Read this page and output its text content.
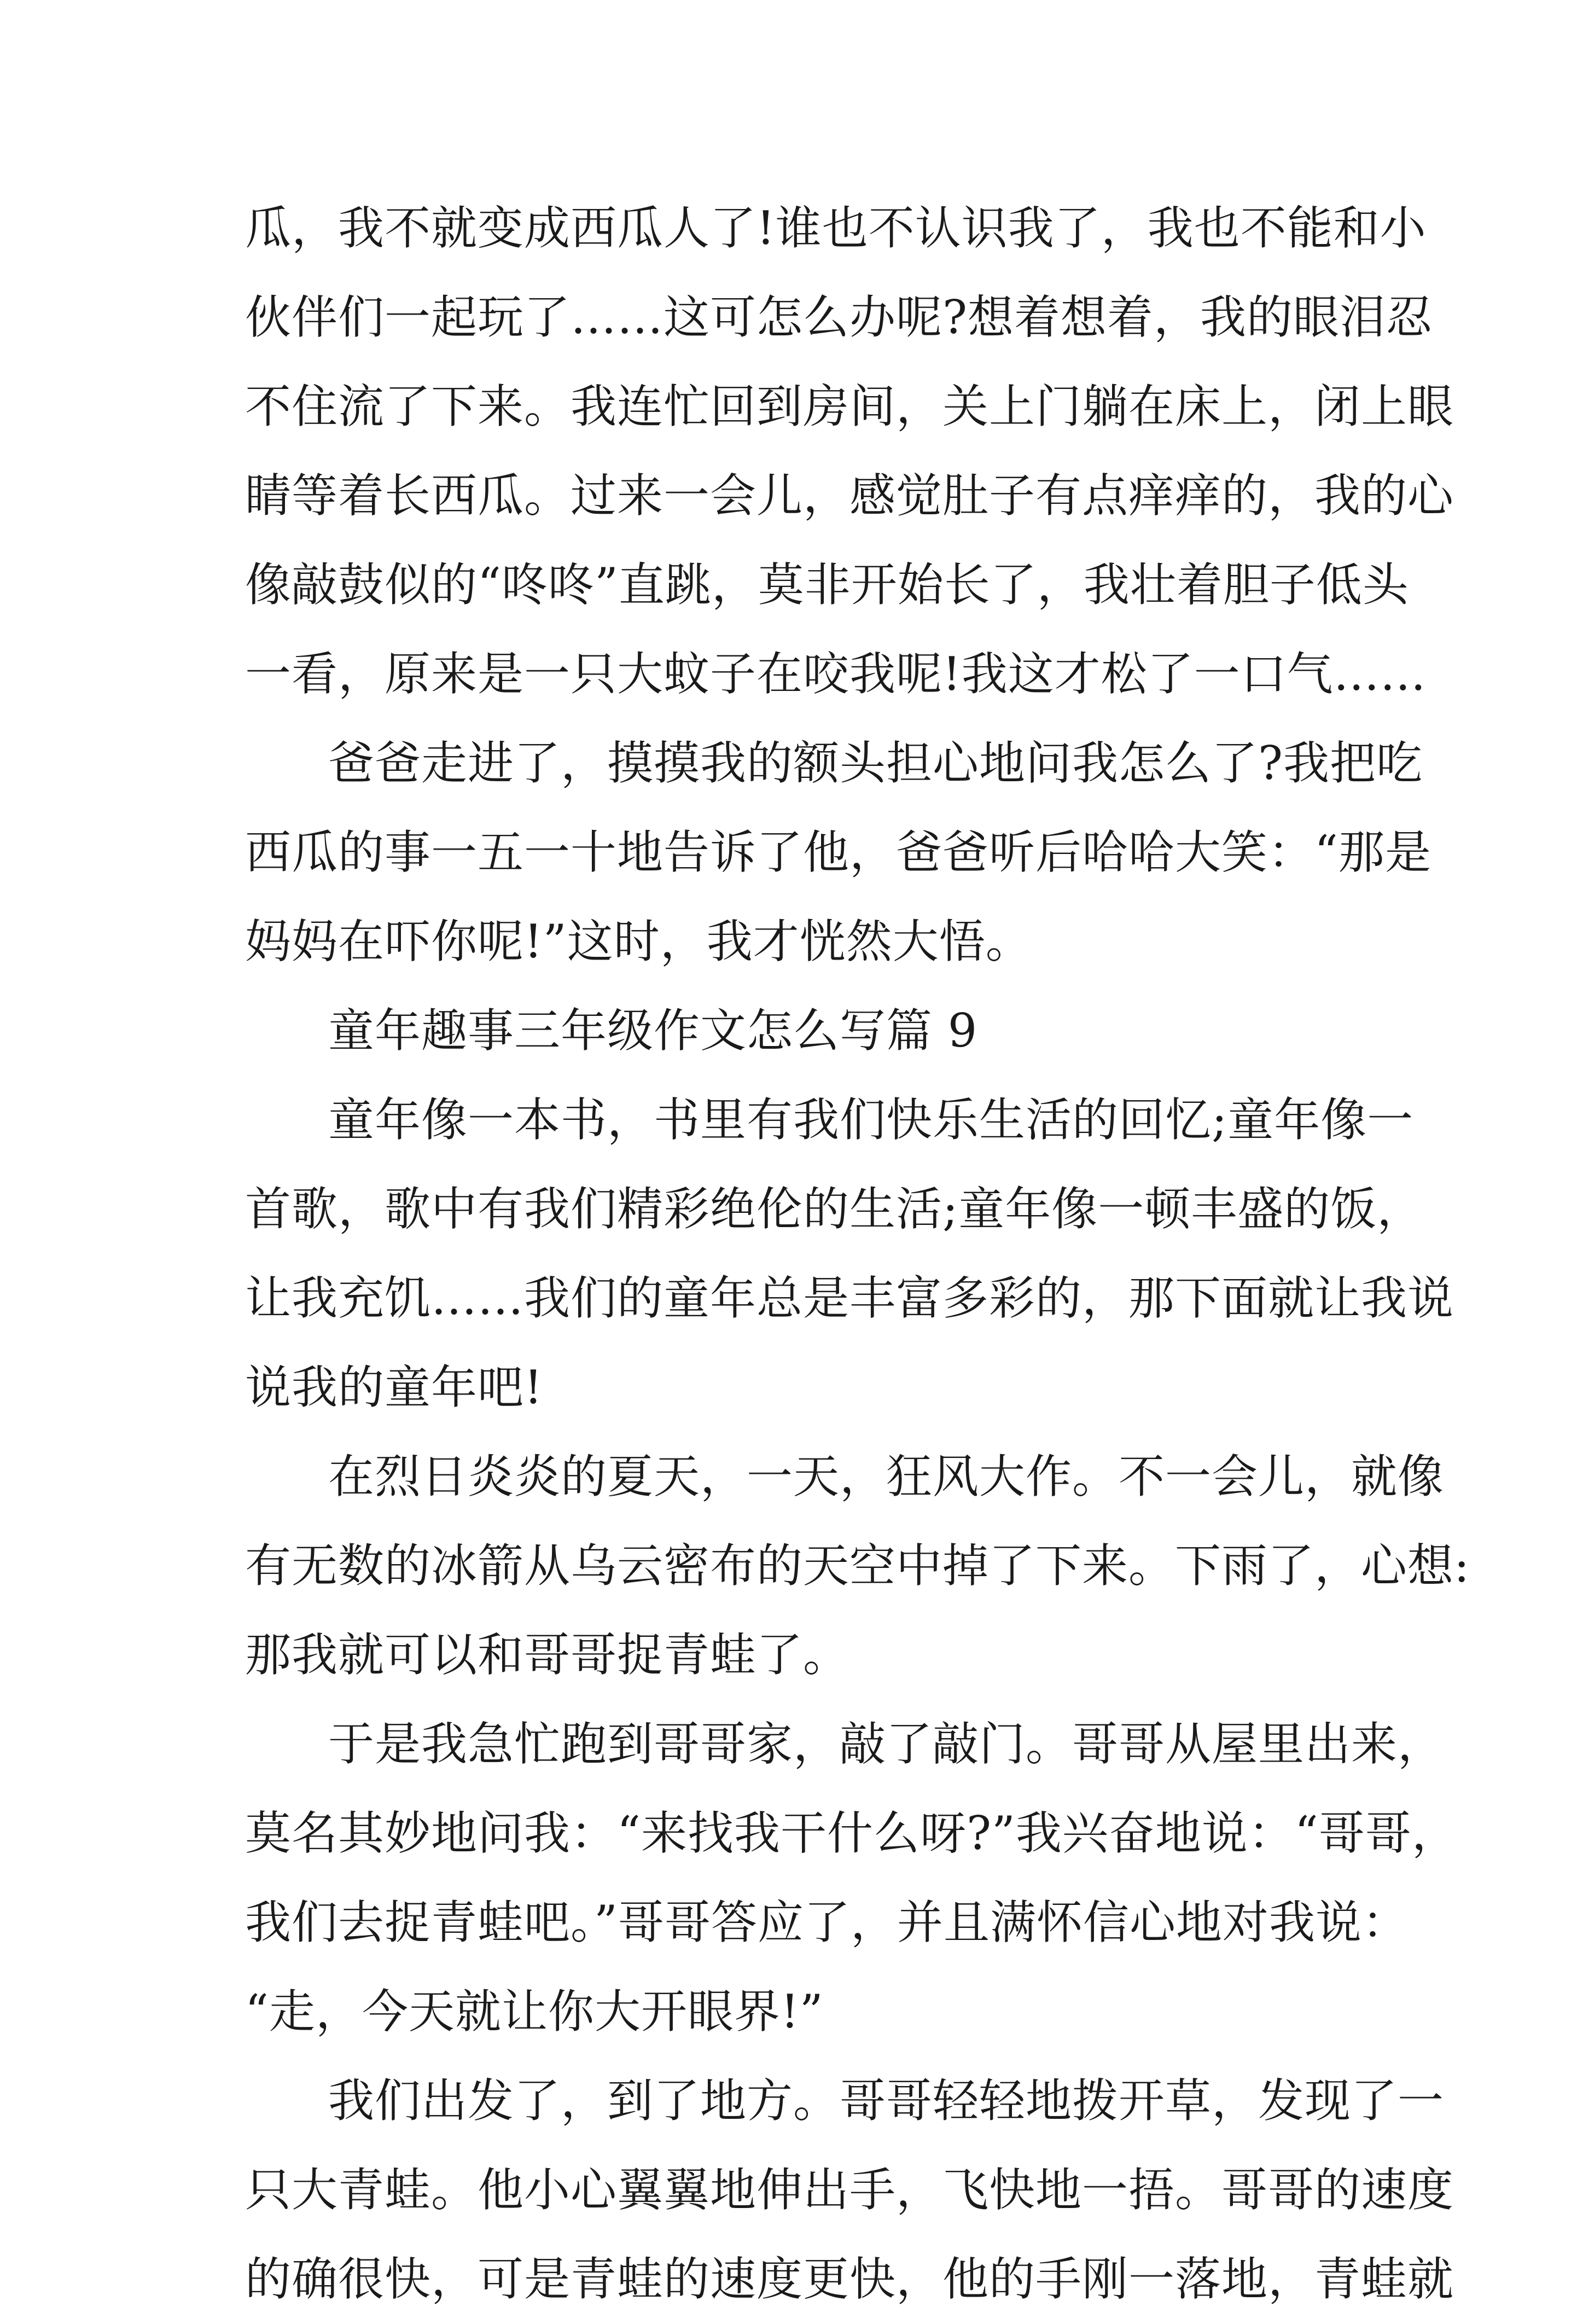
瓜，我不就变成西瓜人了!谁也不认识我了，我也不能和小
伙伴们一起玩了……这可怎么办呢?想着想着，我的眼泪忍
不住流了下来。我连忙回到房间，关上门躺在床上，闭上眼
睛等着长西瓜。过来一会儿，感觉肚子有点痒痒的，我的心
像敲鼓似的“咚咚”直跳，莫非开始长了，我壮着胆子低头
一看，原来是一只大蚊子在咬我呢!我这才松了一口气……
爸爸走进了，摸摸我的额头担心地问我怎么了?我把吃
西瓜的事一五一十地告诉了他，爸爸听后哈哈大笑：“那是
妈妈在吓你呢!”这时，我才恍然大悟。
童年趣事三年级作文怎么写篇 9
童年像一本书，书里有我们快乐生活的回忆;童年像一
首歌，歌中有我们精彩绝伦的生活;童年像一顿丰盛的饭，
让我充饥……我们的童年总是丰富多彩的，那下面就让我说
说我的童年吧!
在烈日炎炎的夏天，一天，狂风大作。不一会儿，就像
有无数的冰箭从乌云密布的天空中掉了下来。下雨了，心想:
那我就可以和哥哥捉青蛙了。
于是我急忙跑到哥哥家，敲了敲门。哥哥从屋里出来，
莫名其妙地问我：“来找我干什么呀?”我兴奋地说：“哥哥，
我们去捉青蛙吧。”哥哥答应了，并且满怀信心地对我说：
“走，今天就让你大开眼界!”
我们出发了，到了地方。哥哥轻轻地拨开草，发现了一
只大青蛙。他小心翼翼地伸出手，飞快地一捂。哥哥的速度
的确很快，可是青蛙的速度更快，他的手刚一落地，青蛙就
